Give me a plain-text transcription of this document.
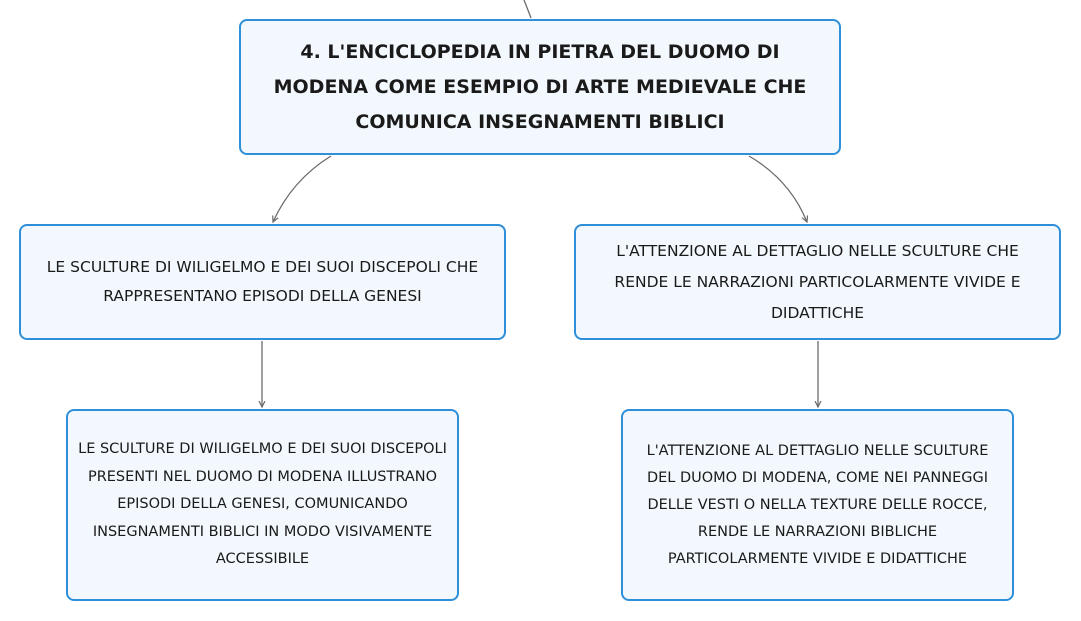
4. L'ENCICLOPEDIA IN PIETRA DEL DUOMO DI MODENA COME ESEMPIO DI ARTE MEDIEVALE CHE COMUNICA INSEGNAMENTI BIBLICI
LE SCULTURE DI WILIGELMO E DEI SUOI DISCEPOLI CHE RAPPRESENTANO EPISODI DELLA GENESI
L'ATTENZIONE AL DETTAGLIO NELLE SCULTURE CHE RENDE LE NARRAZIONI PARTICOLARMENTE VIVIDE E DIDATTICHE
LE SCULTURE DI WILIGELMO E DEI SUOI DISCEPOLI PRESENTI NEL DUOMO DI MODENA ILLUSTRANO EPISODI DELLA GENESI, COMUNICANDO INSEGNAMENTI BIBLICI IN MODO VISIVAMENTE ACCESSIBILE
L'ATTENZIONE AL DETTAGLIO NELLE SCULTURE DEL DUOMO DI MODENA, COME NEI PANNEGGI DELLE VESTI O NELLA TEXTURE DELLE ROCCE, RENDE LE NARRAZIONI BIBLICHE PARTICOLARMENTE VIVIDE E DIDATTICHE
